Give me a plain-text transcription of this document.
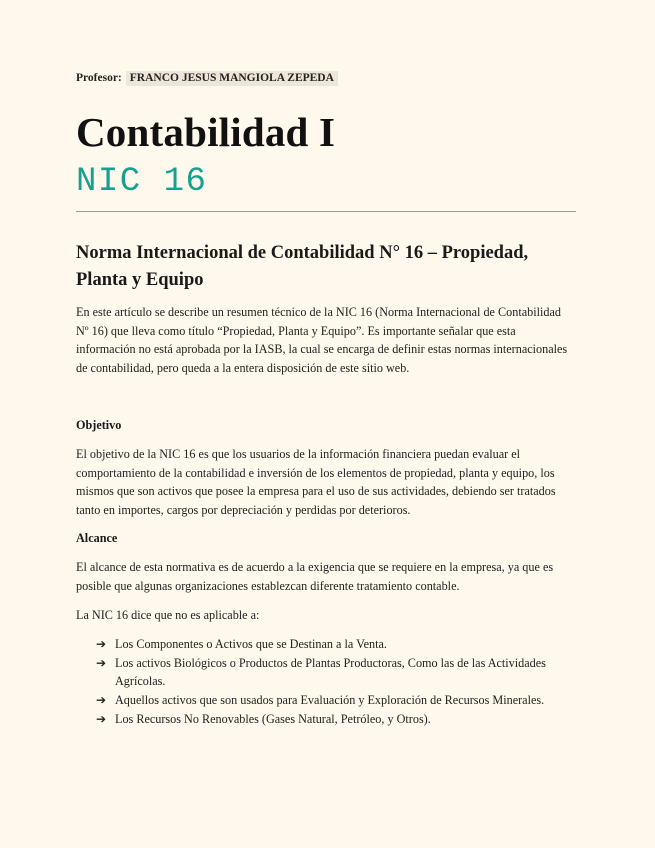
Profesor: FRANCO JESUS MANGIOLA ZEPEDA
Contabilidad I
NIC 16
Norma Internacional de Contabilidad N° 16 – Propiedad, Planta y Equipo
En este artículo se describe un resumen técnico de la NIC 16 (Norma Internacional de Contabilidad Nº 16) que lleva como título “Propiedad, Planta y Equipo”. Es importante señalar que esta información no está aprobada por la IASB, la cual se encarga de definir estas normas internacionales de contabilidad, pero queda a la entera disposición de este sitio web.
Objetivo
El objetivo de la NIC 16 es que los usuarios de la información financiera puedan evaluar el comportamiento de la contabilidad e inversión de los elementos de propiedad, planta y equipo, los mismos que son activos que posee la empresa para el uso de sus actividades, debiendo ser tratados tanto en importes, cargos por depreciación y perdidas por deterioros.
Alcance
El alcance de esta normativa es de acuerdo a la exigencia que se requiere en la empresa, ya que es posible que algunas organizaciones establezcan diferente tratamiento contable.
La NIC 16 dice que no es aplicable a:
➔ Los Componentes o Activos que se Destinan a la Venta.
➔ Los activos Biológicos o Productos de Plantas Productoras, Como las de las Actividades Agrícolas.
➔ Aquellos activos que son usados para Evaluación y Exploración de Recursos Minerales.
➔ Los Recursos No Renovables (Gases Natural, Petróleo, y Otros).
